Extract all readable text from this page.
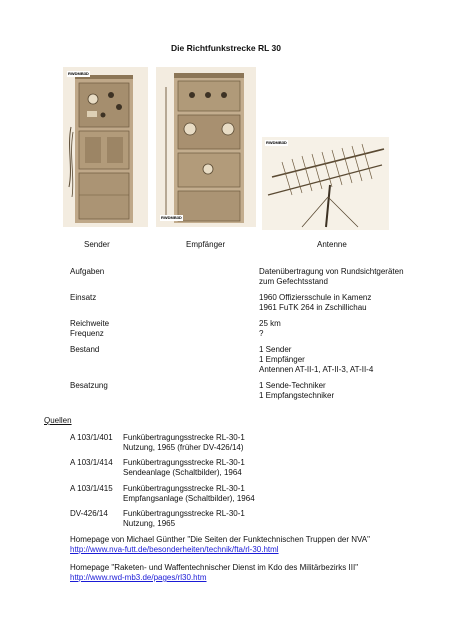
Die Richtfunkstrecke RL 30
RWDMB3D
RWDMB3D
RWDMB3D
Sender	Empfänger	Antenne
Aufgaben	Datenübertragung von Rundsichtgeräten
zum Gefechtsstand
Einsatz	1960 Offiziersschule in Kamenz
1961 FuTK 264 in Zschillichau
Reichweite	25 km
Frequenz	?
Bestand	1 Sender
1 Empfänger
Antennen AT-II-1, AT-II-3, AT-II-4
Besatzung	1 Sende-Techniker
1 Empfangstechniker
Quellen
A 103/1/401 Funkübertragungsstrecke RL-30-1
Nutzung, 1965 (früher DV-426/14)
A 103/1/414 Funkübertragungsstrecke RL-30-1
Sendeanlage (Schaltbilder), 1964
A 103/1/415 Funkübertragungsstrecke RL-30-1
Empfangsanlage (Schaltbilder), 1964
DV-426/14 Funkübertragungsstrecke RL-30-1
Nutzung, 1965
Homepage von Michael Günther "Die Seiten der Funktechnischen Truppen der NVA"
http://www.nva-futt.de/besonderheiten/technik/fta/rl-30.html
Homepage "Raketen- und Waffentechnischer Dienst im Kdo des Militärbezirks III"
http://www.rwd-mb3.de/pages/rl30.htm
